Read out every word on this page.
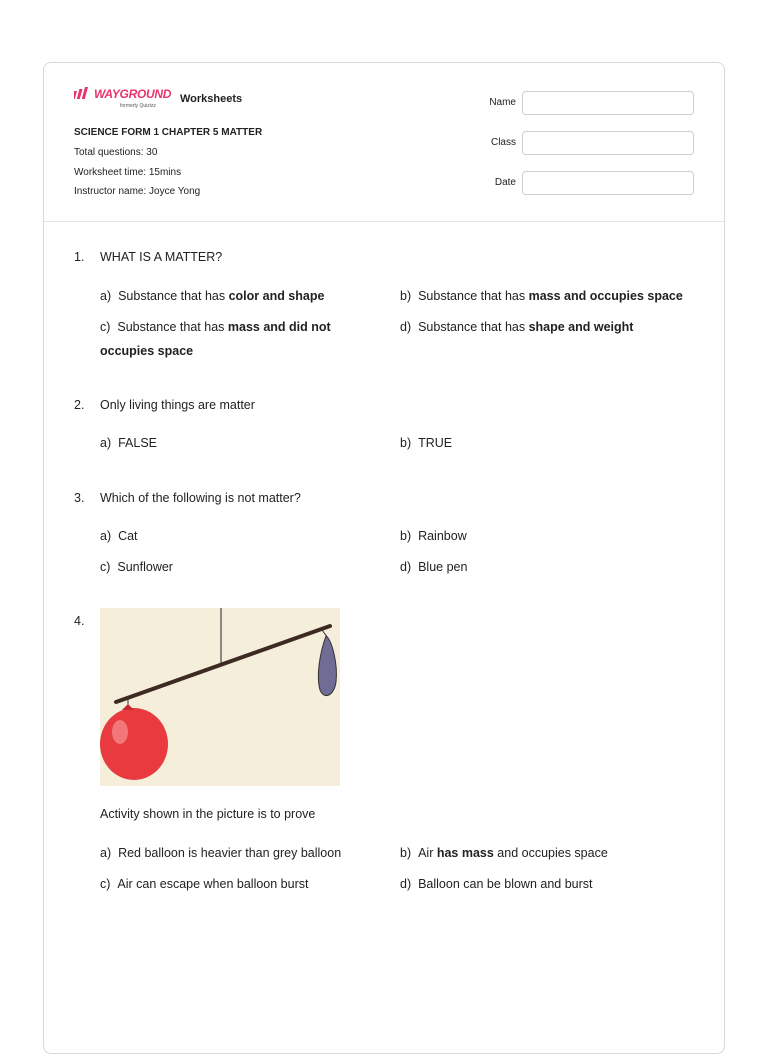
WAYGROUND
formerly Quizizz
Worksheets
SCIENCE FORM 1 CHAPTER 5 MATTER
Total questions: 30
Worksheet time: 15mins
Instructor name: Joyce Yong
Name
Class
Date
1. WHAT IS A MATTER?
a) Substance that has color and shape	b) Substance that has mass and occupies space
c) Substance that has mass and did not occupies space
d) Substance that has shape and weight
2. Only living things are matter
a) FALSE	b) TRUE
3. Which of the following is not matter?
a) Cat	b) Rainbow
c) Sunflower	d) Blue pen
4.
Activity shown in the picture is to prove
a) Red balloon is heavier than grey balloon	b) Air has mass and occupies space
c) Air can escape when balloon burst	d) Balloon can be blown and burst
